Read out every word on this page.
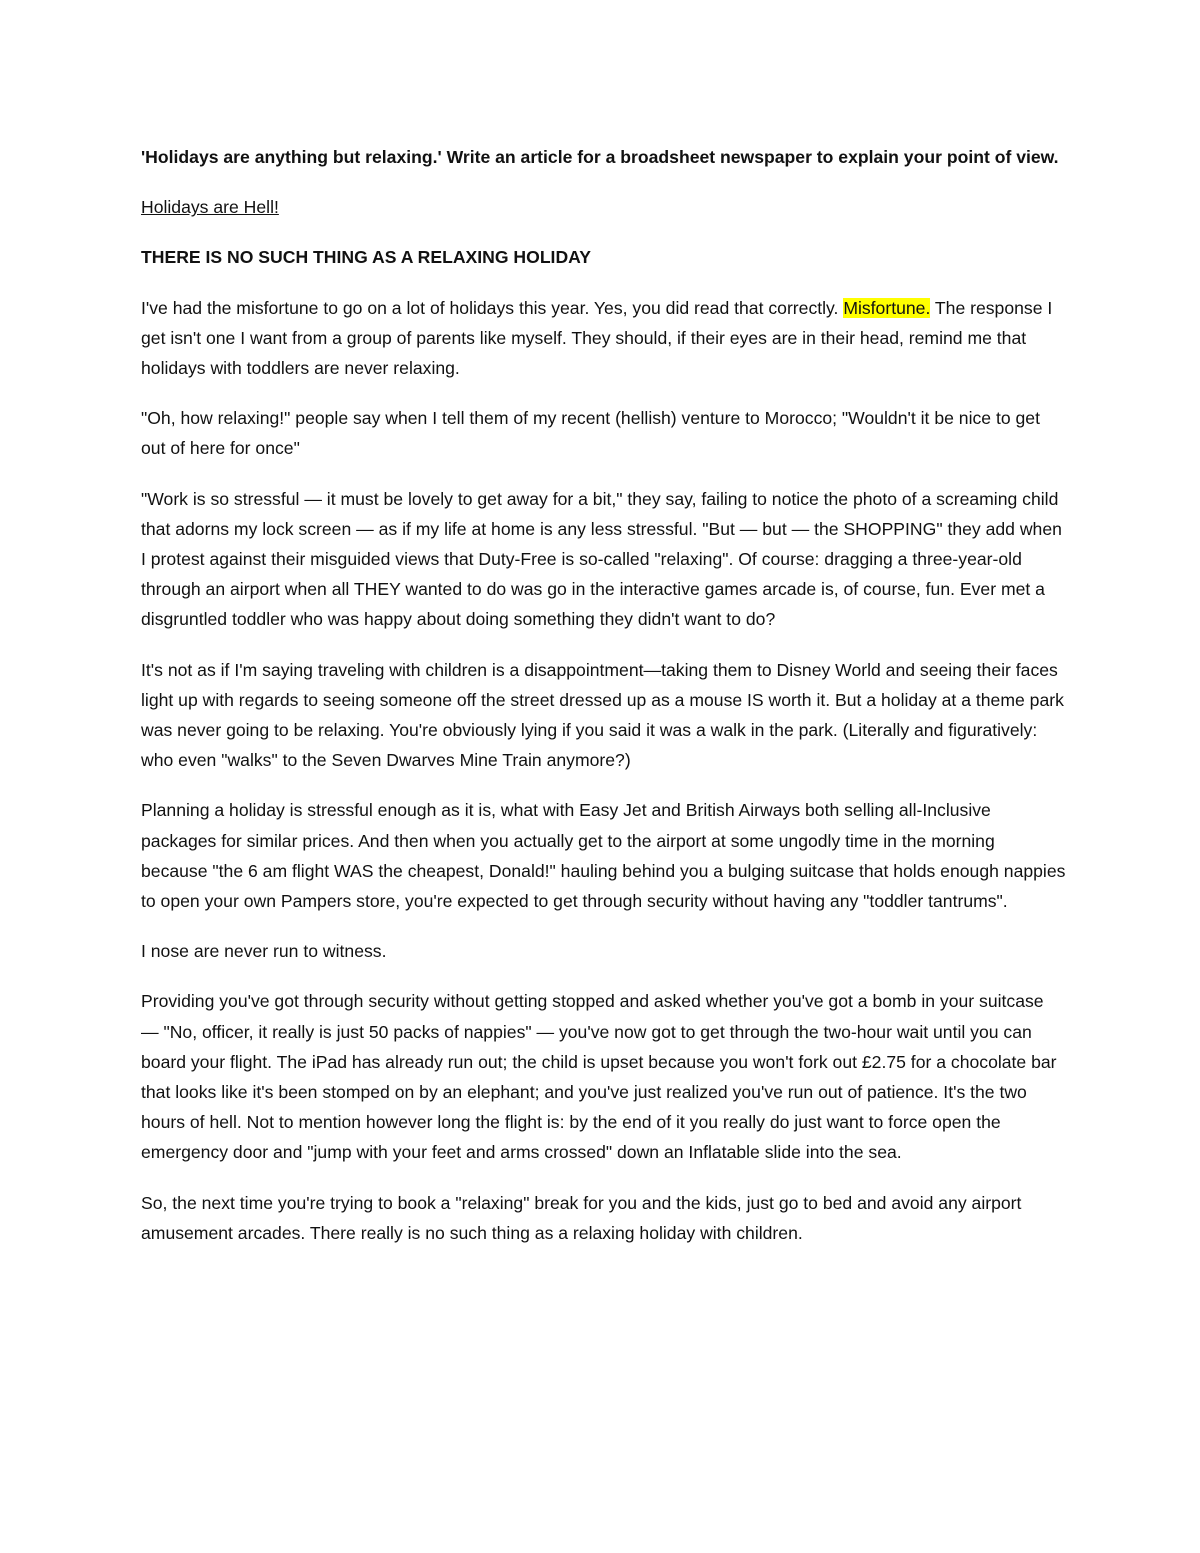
'Holidays are anything but relaxing.' Write an article for a broadsheet newspaper to explain your point of view.

Holidays are Hell!

THERE IS NO SUCH THING AS A RELAXING HOLIDAY

I've had the misfortune to go on a lot of holidays this year. Yes, you did read that correctly. Misfortune. The response I get isn't one I want from a group of parents like myself. They should, if their eyes are in their head, remind me that holidays with toddlers are never relaxing.

"Oh, how relaxing!" people say when I tell them of my recent (hellish) venture to Morocco; "Wouldn't it be nice to get out of here for once"

"Work is so stressful — it must be lovely to get away for a bit," they say, failing to notice the photo of a screaming child that adorns my lock screen — as if my life at home is any less stressful. "But — but — the SHOPPING" they add when I protest against their misguided views that Duty-Free is so-called "relaxing". Of course: dragging a three-year-old through an airport when all THEY wanted to do was go in the interactive games arcade is, of course, fun. Ever met a disgruntled toddler who was happy about doing something they didn't want to do?

It's not as if I'm saying traveling with children is a disappointment—taking them to Disney World and seeing their faces light up with regards to seeing someone off the street dressed up as a mouse IS worth it. But a holiday at a theme park was never going to be relaxing. You're obviously lying if you said it was a walk in the park. (Literally and figuratively: who even "walks" to the Seven Dwarves Mine Train anymore?)

Planning a holiday is stressful enough as it is, what with Easy Jet and British Airways both selling all-Inclusive packages for similar prices. And then when you actually get to the airport at some ungodly time in the morning because "the 6 am flight WAS the cheapest, Donald!" hauling behind you a bulging suitcase that holds enough nappies to open your own Pampers store, you're expected to get through security without having any "toddler tantrums".

I nose are never run to witness.

Providing you've got through security without getting stopped and asked whether you've got a bomb in your suitcase — "No, officer, it really is just 50 packs of nappies" — you've now got to get through the two-hour wait until you can board your flight. The iPad has already run out; the child is upset because you won't fork out £2.75 for a chocolate bar that looks like it's been stomped on by an elephant; and you've just realized you've run out of patience. It's the two hours of hell. Not to mention however long the flight is: by the end of it you really do just want to force open the emergency door and "jump with your feet and arms crossed" down an Inflatable slide into the sea.

So, the next time you're trying to book a "relaxing" break for you and the kids, just go to bed and avoid any airport amusement arcades. There really is no such thing as a relaxing holiday with children.
